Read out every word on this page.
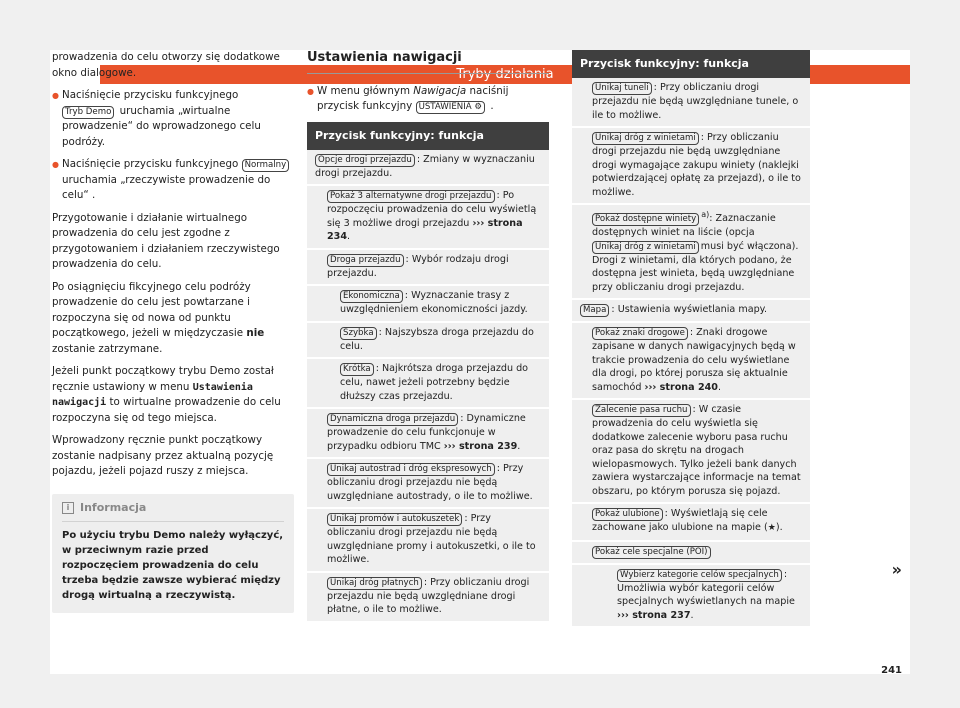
Tryby działania

prowadzenia do celu otworzy się dodatkowe okno dialogowe.

● Naciśnięcie przycisku funkcyjnego Tryb Demo uruchamia „wirtualne prowadzenie“ do wprowadzonego celu podróży.

● Naciśnięcie przycisku funkcyjnego Normalny uruchamia „rzeczywiste prowadzenie do celu“ .

Przygotowanie i działanie wirtualnego prowadzenia do celu jest zgodne z przygotowaniem i działaniem rzeczywistego prowadzenia do celu.

Po osiągnięciu fikcyjnego celu podróży prowadzenie do celu jest powtarzane i rozpoczyna się od nowa od punktu początkowego, jeżeli w międzyczasie nie zostanie zatrzymane.

Jeżeli punkt początkowy trybu Demo został ręcznie ustawiony w menu Ustawienia nawigacji to wirtualne prowadzenie do celu rozpoczyna się od tego miejsca.

Wprowadzony ręcznie punkt początkowy zostanie nadpisany przez aktualną pozycję pojazdu, jeżeli pojazd ruszy z miejsca.

i Informacja
Po użyciu trybu Demo należy wyłączyć, w przeciwnym razie przed rozpoczęciem prowadzenia do celu trzeba będzie zawsze wybierać między drogą wirtualną a rzeczywistą.
Ustawienia nawigacji

● W menu głównym Nawigacja naciśnij przycisk funkcyjny USTAWIENIA ⚙ .

Przycisk funkcyjny: funkcja
Opcje drogi przejazdu : Zmiany w wyznaczaniu drogi przejazdu.
Pokaż 3 alternatywne drogi przejazdu : Po rozpoczęciu prowadzenia do celu wyświetlą się 3 możliwe drogi przejazdu ››› strona 234.
Droga przejazdu : Wybór rodzaju drogi przejazdu.
Ekonomiczna : Wyznaczanie trasy z uwzględnieniem ekonomiczności jazdy.
Szybka : Najszybsza droga przejazdu do celu.
Krótka : Najkrótsza droga przejazdu do celu, nawet jeżeli potrzebny będzie dłuższy czas przejazdu.
Dynamiczna droga przejazdu : Dynamiczne prowadzenie do celu funkcjonuje w przypadku odbioru TMC ››› strona 239.
Unikaj autostrad i dróg ekspresowych : Przy obliczaniu drogi przejazdu nie będą uwzględniane autostrady, o ile to możliwe.
Unikaj promów i autokuszetek : Przy obliczaniu drogi przejazdu nie będą uwzględniane promy i autokuszetki, o ile to możliwe.
Unikaj dróg płatnych : Przy obliczaniu drogi przejazdu nie będą uwzględniane drogi płatne, o ile to możliwe.
Przycisk funkcyjny: funkcja
Unikaj tuneli : Przy obliczaniu drogi przejazdu nie będą uwzględniane tunele, o ile to możliwe.
Unikaj dróg z winietami : Przy obliczaniu drogi przejazdu nie będą uwzględniane drogi wymagające zakupu winiety (naklejki potwierdzającej opłatę za przejazd), o ile to możliwe.
Pokaż dostępne winiety $^{a)}$: Zaznaczanie dostępnych winiet na liście (opcjaUnikaj dróg z winietami musi być włączona).
Drogi z winietami, dla których podano, że dostępna jest winieta, będą uwzględniane przy obliczaniu drogi przejazdu.
Mapa : Ustawienia wyświetlania mapy.
Pokaż znaki drogowe : Znaki drogowe zapisane w danych nawigacyjnych będą w trakcie prowadzenia do celu wyświetlane dla drogi, po której porusza się aktualnie samochód ››› strona 240.
Zalecenie pasa ruchu : W czasie prowadzenia do celu wyświetla się dodatkowe zalecenie wyboru pasa ruchu oraz pasa do skrętu na drogach wielopasmowych. Tylko jeżeli bank danych zawiera wystarczające informacje na temat obszaru, po którym porusza się pojazd.
Pokaż ulubione : Wyświetlają się cele zachowane jako ulubione na mapie (★).
Pokaż cele specjalne (POI)
Wybierz kategorie celów specjalnych : Umożliwia wybór kategorii celów specjalnych wyświetlanych na mapie ››› strona 237.
»
241
